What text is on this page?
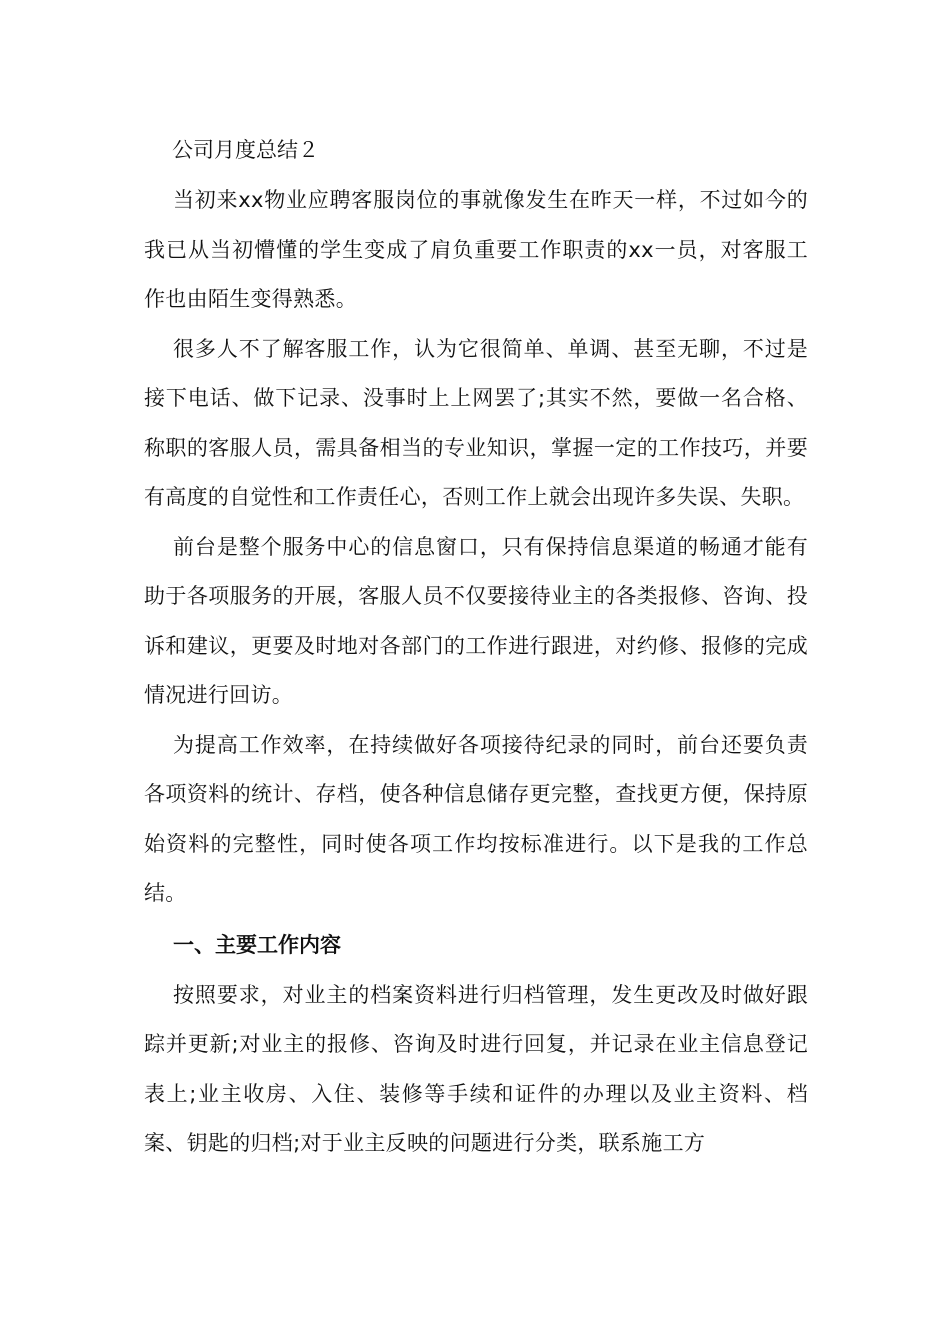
公司月度总结２

当初来xx物业应聘客服岗位的事就像发生在昨天一样，不过如今的我已从当初懵懂的学生变成了肩负重要工作职责的xx一员，对客服工作也由陌生变得熟悉。

很多人不了解客服工作，认为它很简单、单调、甚至无聊，不过是接下电话、做下记录、没事时上上网罢了;其实不然，要做一名合格、称职的客服人员，需具备相当的专业知识，掌握一定的工作技巧，并要有高度的自觉性和工作责任心，否则工作上就会出现许多失误、失职。

前台是整个服务中心的信息窗口，只有保持信息渠道的畅通才能有助于各项服务的开展，客服人员不仅要接待业主的各类报修、咨询、投诉和建议，更要及时地对各部门的工作进行跟进，对约修、报修的完成情况进行回访。

为提高工作效率，在持续做好各项接待纪录的同时，前台还要负责各项资料的统计、存档，使各种信息储存更完整，查找更方便，保持原始资料的完整性，同时使各项工作均按标准进行。以下是我的工作总结。

一、主要工作内容

按照要求，对业主的档案资料进行归档管理，发生更改及时做好跟踪并更新;对业主的报修、咨询及时进行回复，并记录在业主信息登记表上;业主收房、入住、装修等手续和证件的办理以及业主资料、档案、钥匙的归档;对于业主反映的问题进行分类，联系施工方
